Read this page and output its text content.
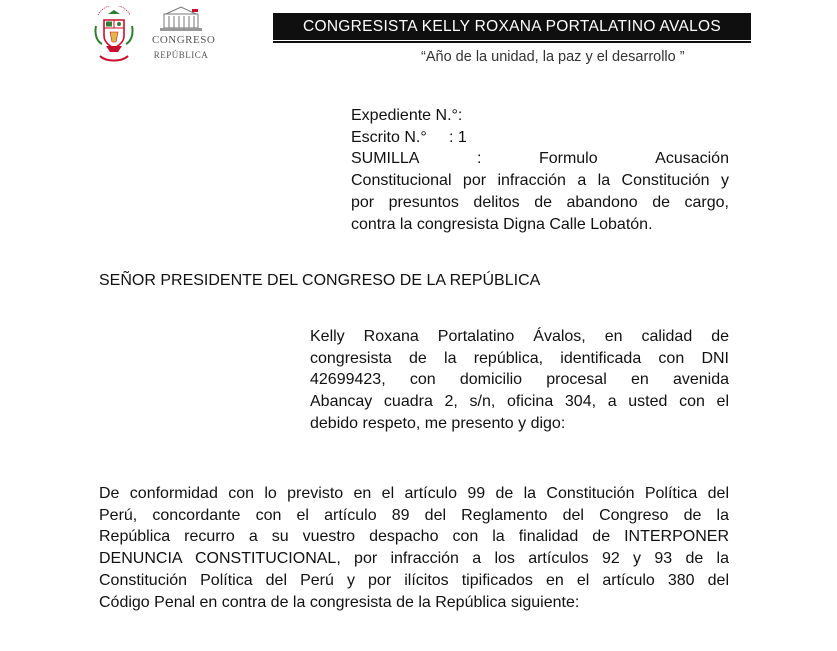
CONGRESO
REPÚBLICA
CONGRESISTA KELLY ROXANA PORTALATINO AVALOS
“Año de la unidad, la paz y el desarrollo ”
Expediente N.°:
Escrito N.°     : 1
SUMILLA	:	Formulo	Acusación
Constitucional por infracción a la Constitución y
por presuntos delitos de abandono de cargo,
contra la congresista Digna Calle Lobatón.
SEÑOR PRESIDENTE DEL CONGRESO DE LA REPÚBLICA
Kelly Roxana Portalatino Ávalos, en calidad de
congresista de la república, identificada con DNI
42699423, con domicilio procesal en avenida
Abancay cuadra 2, s/n, oficina 304, a usted con el
debido respeto, me presento y digo:
De conformidad con lo previsto en el artículo 99 de la Constitución Política del
Perú, concordante con el artículo 89 del Reglamento del Congreso de la
República recurro a su vuestro despacho con la finalidad de INTERPONER
DENUNCIA CONSTITUCIONAL, por infracción a los artículos 92 y 93 de la
Constitución Política del Perú y por ilícitos tipificados en el artículo 380 del
Código Penal en contra de la congresista de la República siguiente:
